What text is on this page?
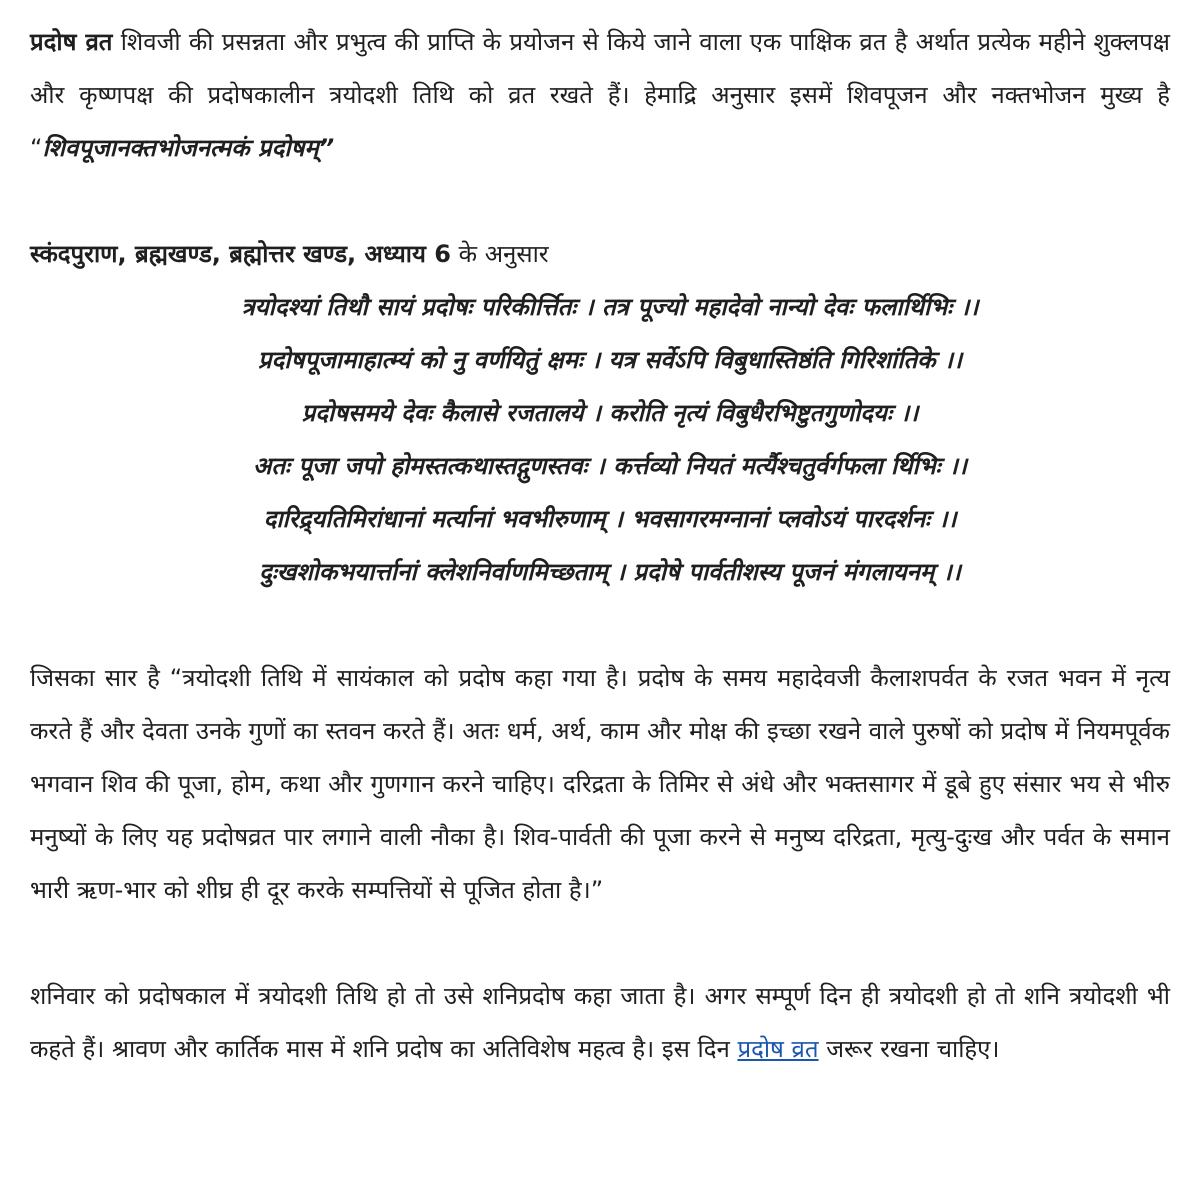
प्रदोष व्रत शिवजी की प्रसन्नता और प्रभुत्व की प्राप्ति के प्रयोजन से किये जाने वाला एक पाक्षिक व्रत है अर्थात प्रत्येक महीने शुक्लपक्ष और कृष्णपक्ष की प्रदोषकालीन त्रयोदशी तिथि को व्रत रखते हैं। हेमाद्रि अनुसार इसमें शिवपूजन और नक्तभोजन मुख्य है “शिवपूजानक्तभोजनत्मकं प्रदोषम्”

स्कंदपुराण, ब्रह्मखण्ड, ब्रह्मोत्तर खण्ड, अध्याय 6 के अनुसार

त्रयोदश्यां तिथौ सायं प्रदोषः परिकीर्त्तितः । तत्र पूज्यो महादेवो नान्यो देवः फलार्थिभिः ।।
प्रदोषपूजामाहात्म्यं को नु वर्णयितुं क्षमः । यत्र सर्वेऽपि विबुधास्तिष्ठंति गिरिशांतिके ।।
प्रदोषसमये देवः कैलासे रजतालये । करोति नृत्यं विबुधैरभिष्टुतगुणोदयः ।।
अतः पूजा जपो होमस्तत्कथास्तद्गुणस्तवः । कर्त्तव्यो नियतं मर्त्यैश्चतुर्वर्गफला र्थिभिः ।।
दारिद्र्यतिमिरांधानां मर्त्यानां भवभीरुणाम् । भवसागरमग्नानां प्लवोऽयं पारदर्शनः ।।
दुःखशोकभयार्त्तानां क्लेशनिर्वाणमिच्छताम् । प्रदोषे पार्वतीशस्य पूजनं मंगलायनम् ।।

जिसका सार है “त्रयोदशी तिथि में सायंकाल को प्रदोष कहा गया है। प्रदोष के समय महादेवजी कैलाशपर्वत के रजत भवन में नृत्य करते हैं और देवता उनके गुणों का स्तवन करते हैं। अतः धर्म, अर्थ, काम और मोक्ष की इच्छा रखने वाले पुरुषों को प्रदोष में नियमपूर्वक भगवान शिव की पूजा, होम, कथा और गुणगान करने चाहिए। दरिद्रता के तिमिर से अंधे और भक्तसागर में डूबे हुए संसार भय से भीरु मनुष्यों के लिए यह प्रदोषव्रत पार लगाने वाली नौका है। शिव-पार्वती की पूजा करने से मनुष्य दरिद्रता, मृत्यु-दुःख और पर्वत के समान भारी ऋण-भार को शीघ्र ही दूर करके सम्पत्तियों से पूजित होता है।”

शनिवार को प्रदोषकाल में त्रयोदशी तिथि हो तो उसे शनिप्रदोष कहा जाता है। अगर सम्पूर्ण दिन ही त्रयोदशी हो तो शनि त्रयोदशी भी कहते हैं। श्रावण और कार्तिक मास में शनि प्रदोष का अतिविशेष महत्व है। इस दिन प्रदोष व्रत जरूर रखना चाहिए।
